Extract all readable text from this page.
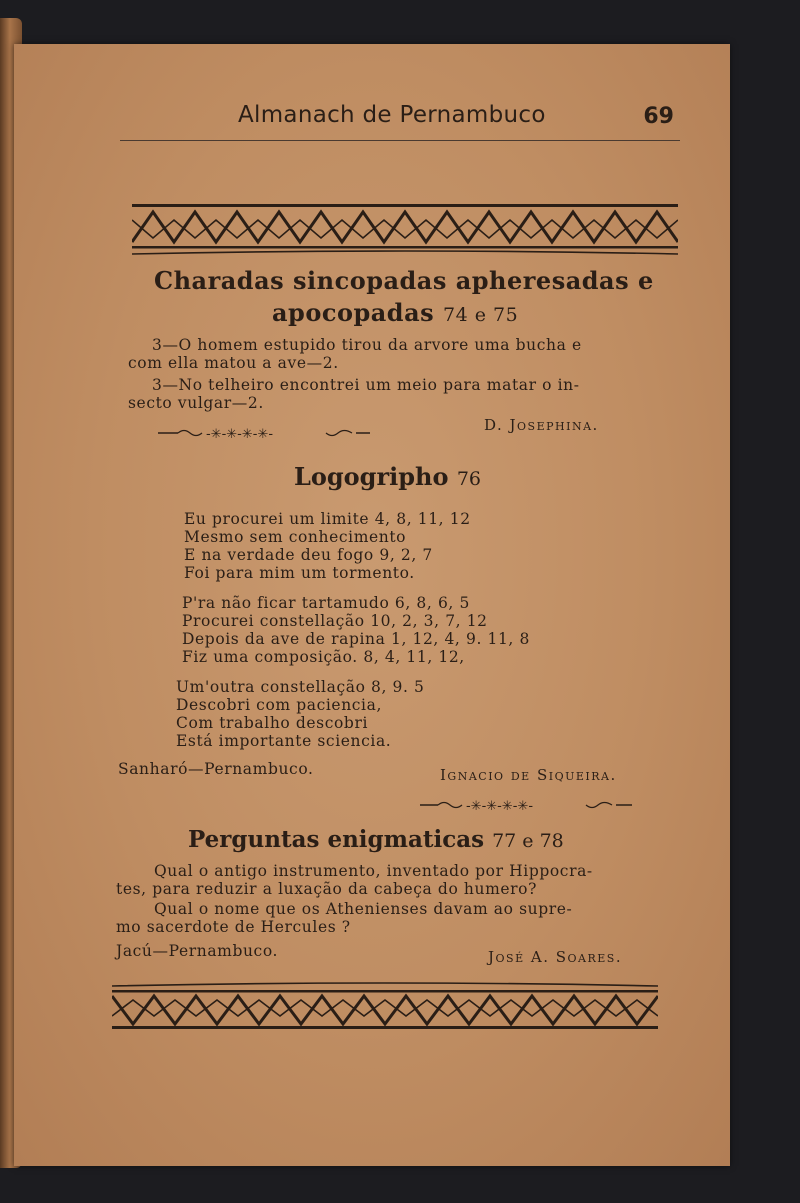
Almanach de Pernambuco	69
Charadas sincopadas apheresadas e
apocopadas 74 e 75
3—O homem estupido tirou da arvore uma bucha e
com ella matou a ave—2.
3—No telheiro encontrei um meio para matar o in-
secto vulgar—2.
-✳-✳-✳-✳-
D. Josephina.
Logogripho 76
Eu procurei um limite 4, 8, 11, 12
Mesmo sem conhecimento
E na verdade deu fogo 9, 2, 7
Foi para mim um tormento.
P'ra não ficar tartamudo 6, 8, 6, 5
Procurei constellação 10, 2, 3, 7, 12
Depois da ave de rapina 1, 12, 4, 9. 11, 8
Fiz uma composição. 8, 4, 11, 12,
Um'outra constellação 8, 9. 5
Descobri com paciencia,
Com trabalho descobri
Está importante sciencia.
Sanharó—Pernambuco.	Ignacio de Siqueira.
-✳-✳-✳-✳-
Perguntas enigmaticas 77 e 78
Qual o antigo instrumento, inventado por Hippocra-
tes, para reduzir a luxação da cabeça do humero?
Qual o nome que os Athenienses davam ao supre-
mo sacerdote de Hercules ?
Jacú—Pernambuco.	José A. Soares.
